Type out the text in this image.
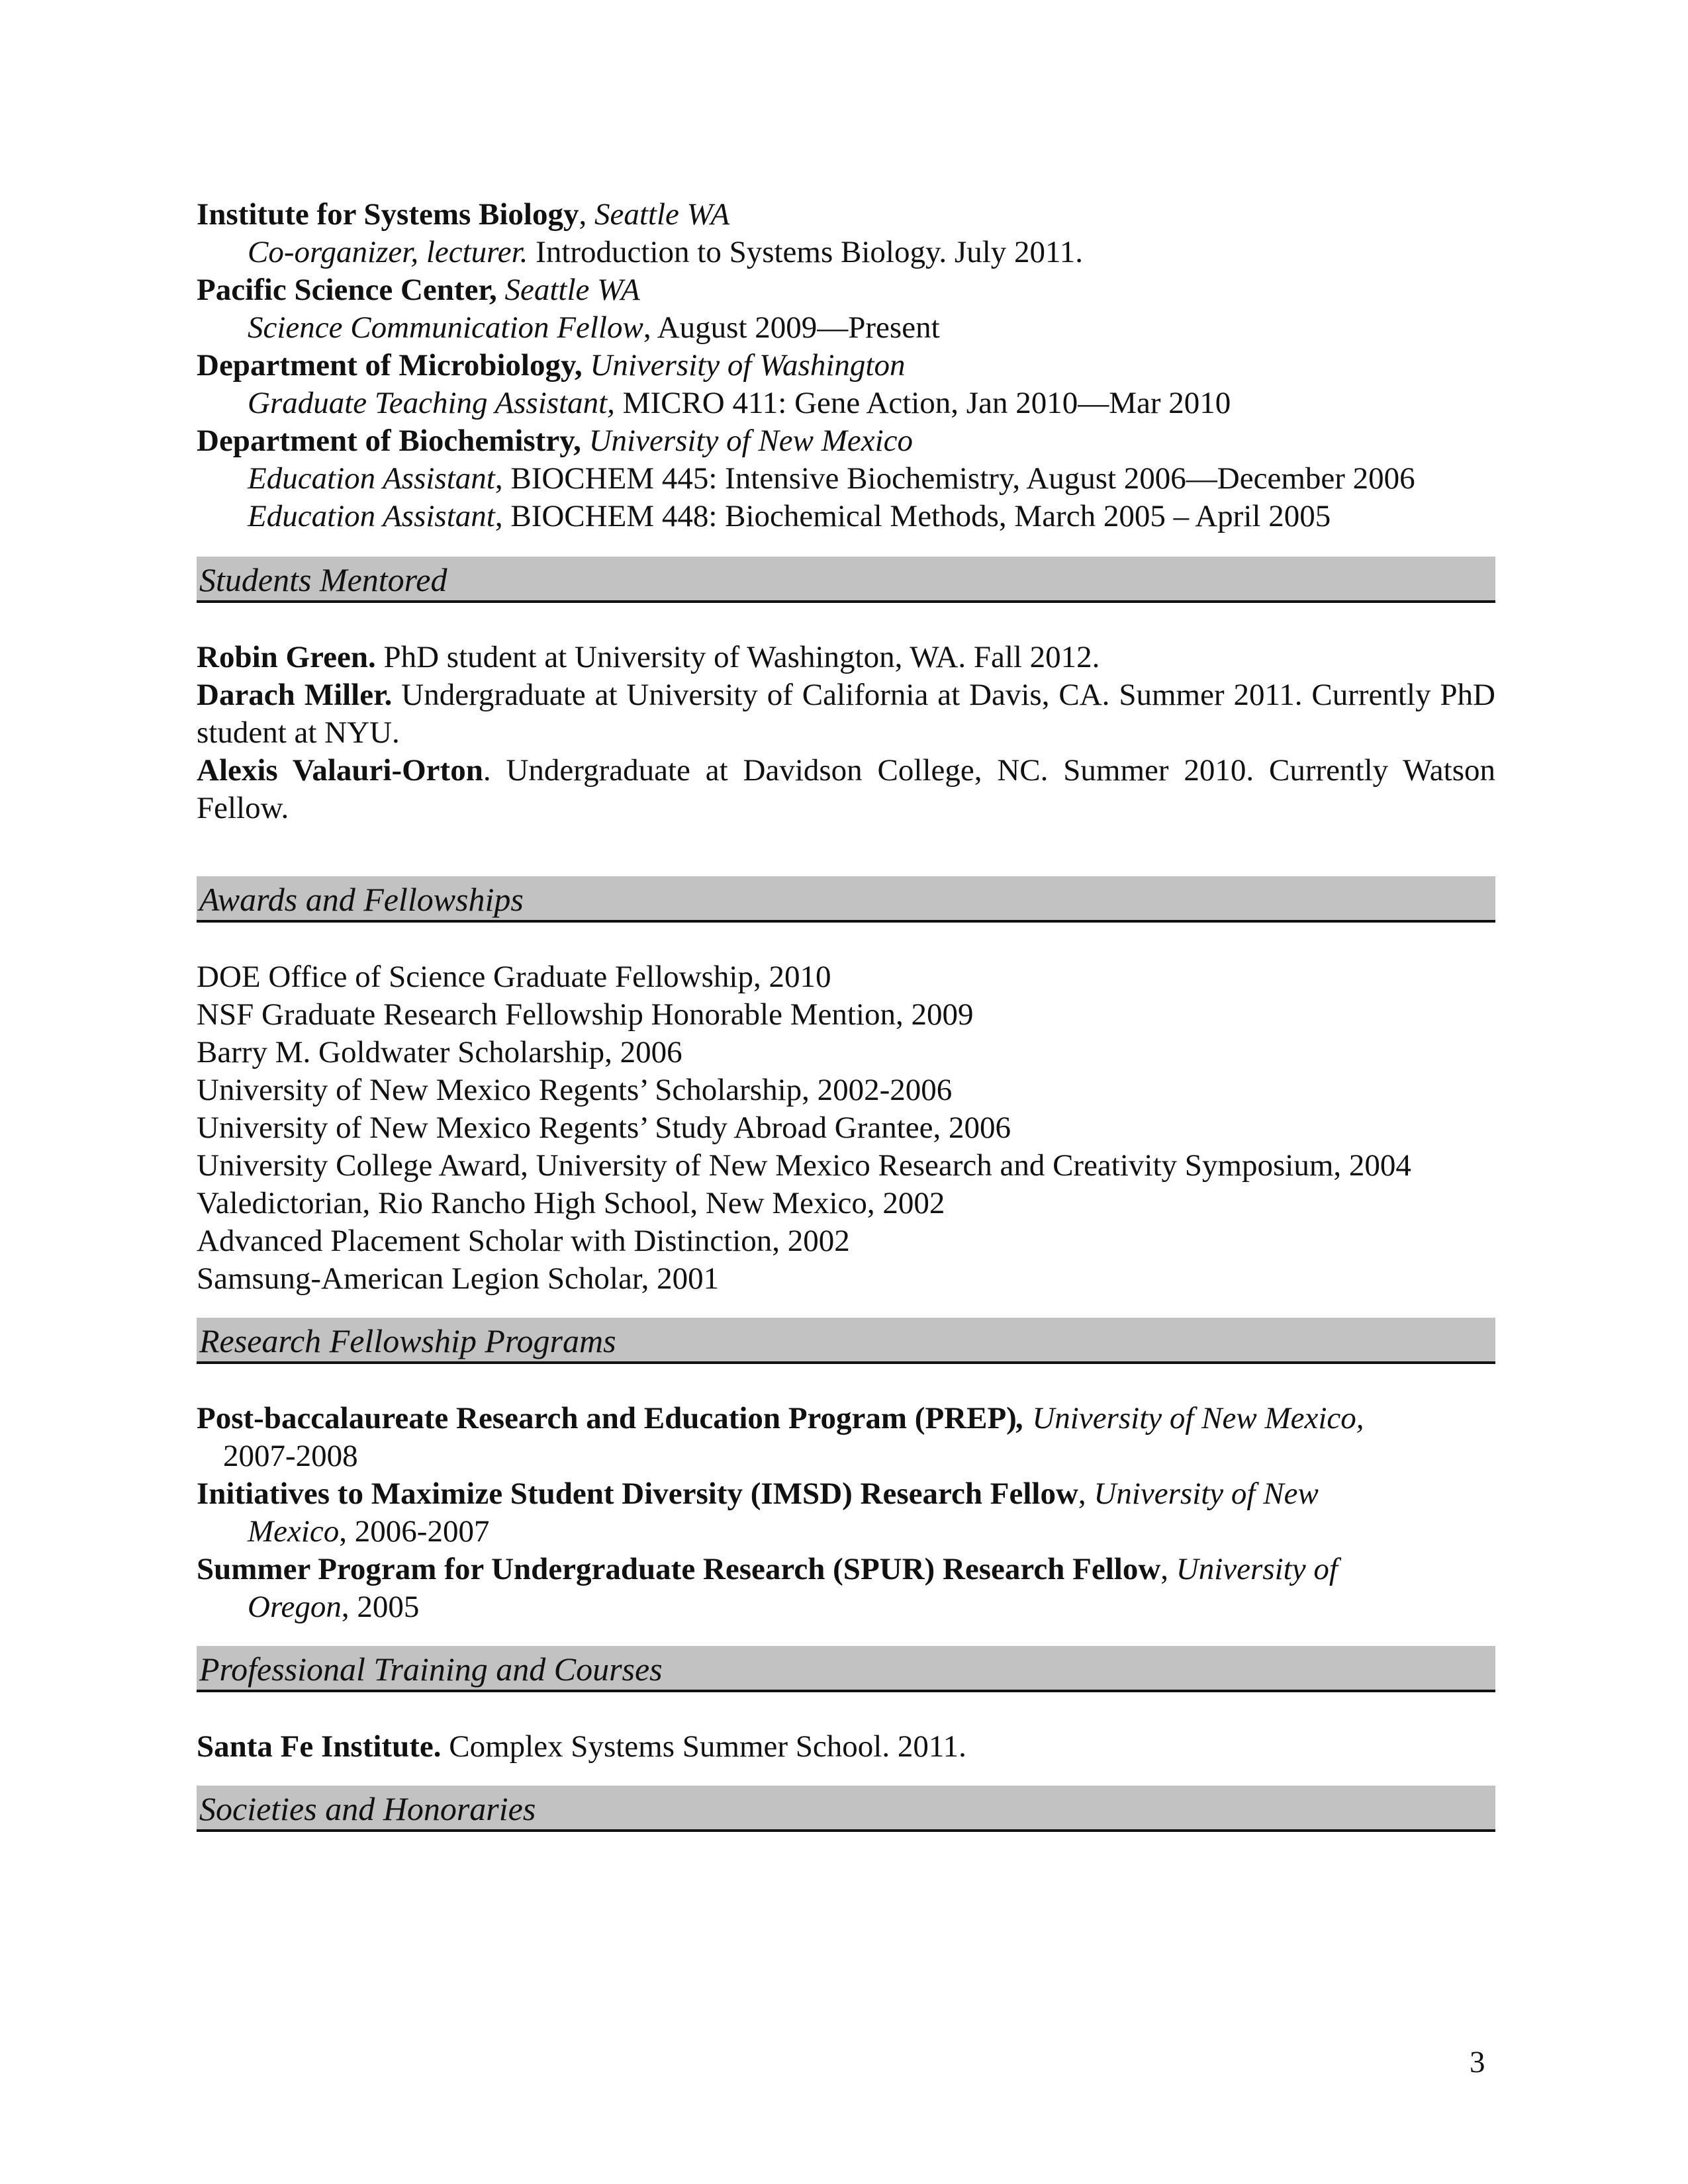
Institute for Systems Biology, Seattle WA
Co-organizer, lecturer. Introduction to Systems Biology. July 2011.
Pacific Science Center, Seattle WA
Science Communication Fellow, August 2009—Present
Department of Microbiology, University of Washington
Graduate Teaching Assistant, MICRO 411: Gene Action, Jan 2010—Mar 2010
Department of Biochemistry, University of New Mexico
Education Assistant, BIOCHEM 445: Intensive Biochemistry, August 2006—December 2006
Education Assistant, BIOCHEM 448: Biochemical Methods, March 2005 – April 2005
Students Mentored
Robin Green. PhD student at University of Washington, WA. Fall 2012.
Darach Miller. Undergraduate at University of California at Davis, CA. Summer 2011. Currently PhD student at NYU.
Alexis Valauri-Orton. Undergraduate at Davidson College, NC. Summer 2010. Currently Watson Fellow.
Awards and Fellowships
DOE Office of Science Graduate Fellowship, 2010
NSF Graduate Research Fellowship Honorable Mention, 2009
Barry M. Goldwater Scholarship, 2006
University of New Mexico Regents’ Scholarship, 2002-2006
University of New Mexico Regents’ Study Abroad Grantee, 2006
University College Award, University of New Mexico Research and Creativity Symposium, 2004
Valedictorian, Rio Rancho High School, New Mexico, 2002
Advanced Placement Scholar with Distinction, 2002
Samsung-American Legion Scholar, 2001
Research Fellowship Programs
Post-baccalaureate Research and Education Program (PREP), University of New Mexico,
2007-2008
Initiatives to Maximize Student Diversity (IMSD) Research Fellow, University of New
Mexico, 2006-2007
Summer Program for Undergraduate Research (SPUR) Research Fellow, University of
Oregon, 2005
Professional Training and Courses
Santa Fe Institute. Complex Systems Summer School. 2011.
Societies and Honoraries
3
